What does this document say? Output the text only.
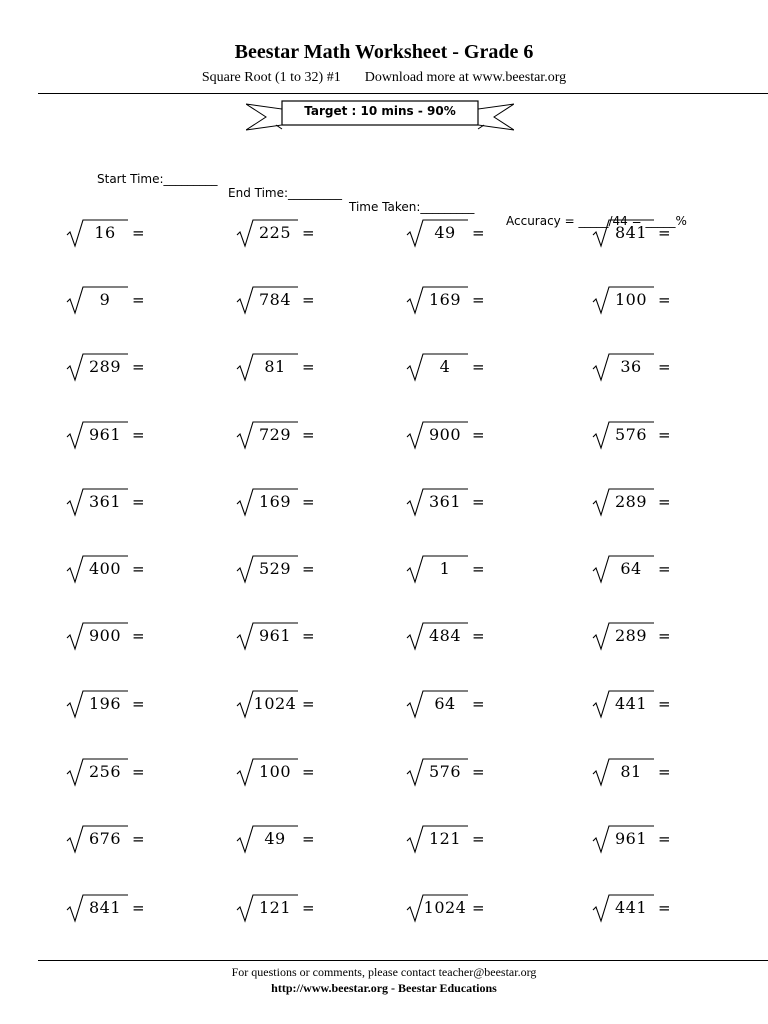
Beestar Math Worksheet - Grade 6
Square Root (1 to 32) #1 Download more at www.beestar.org
Target : 10 mins - 90%

Start Time:_________

End Time:_________

Time Taken:_________

Accuracy = _____/44 = _____%

16	=	225 =	49	=	841 =
9	=	784 =	169 =	100 =
289 =	81	=	4	=	36	=
961 =	729 =	900 =	576 =
361 =	169 =	361 =	289 =
400 =	529 =	1	=	64	=
900 =	961 =	484 =	289 =
196 =	1024 =	64	=	441 =
256 =	100 =	576 =	81	=
676 =	49	=	121 =	961 =
841 =	121 =	1024 =	441 =
For questions or comments, please contact teacher@beestar.org
http://www.beestar.org - Beestar Educations
